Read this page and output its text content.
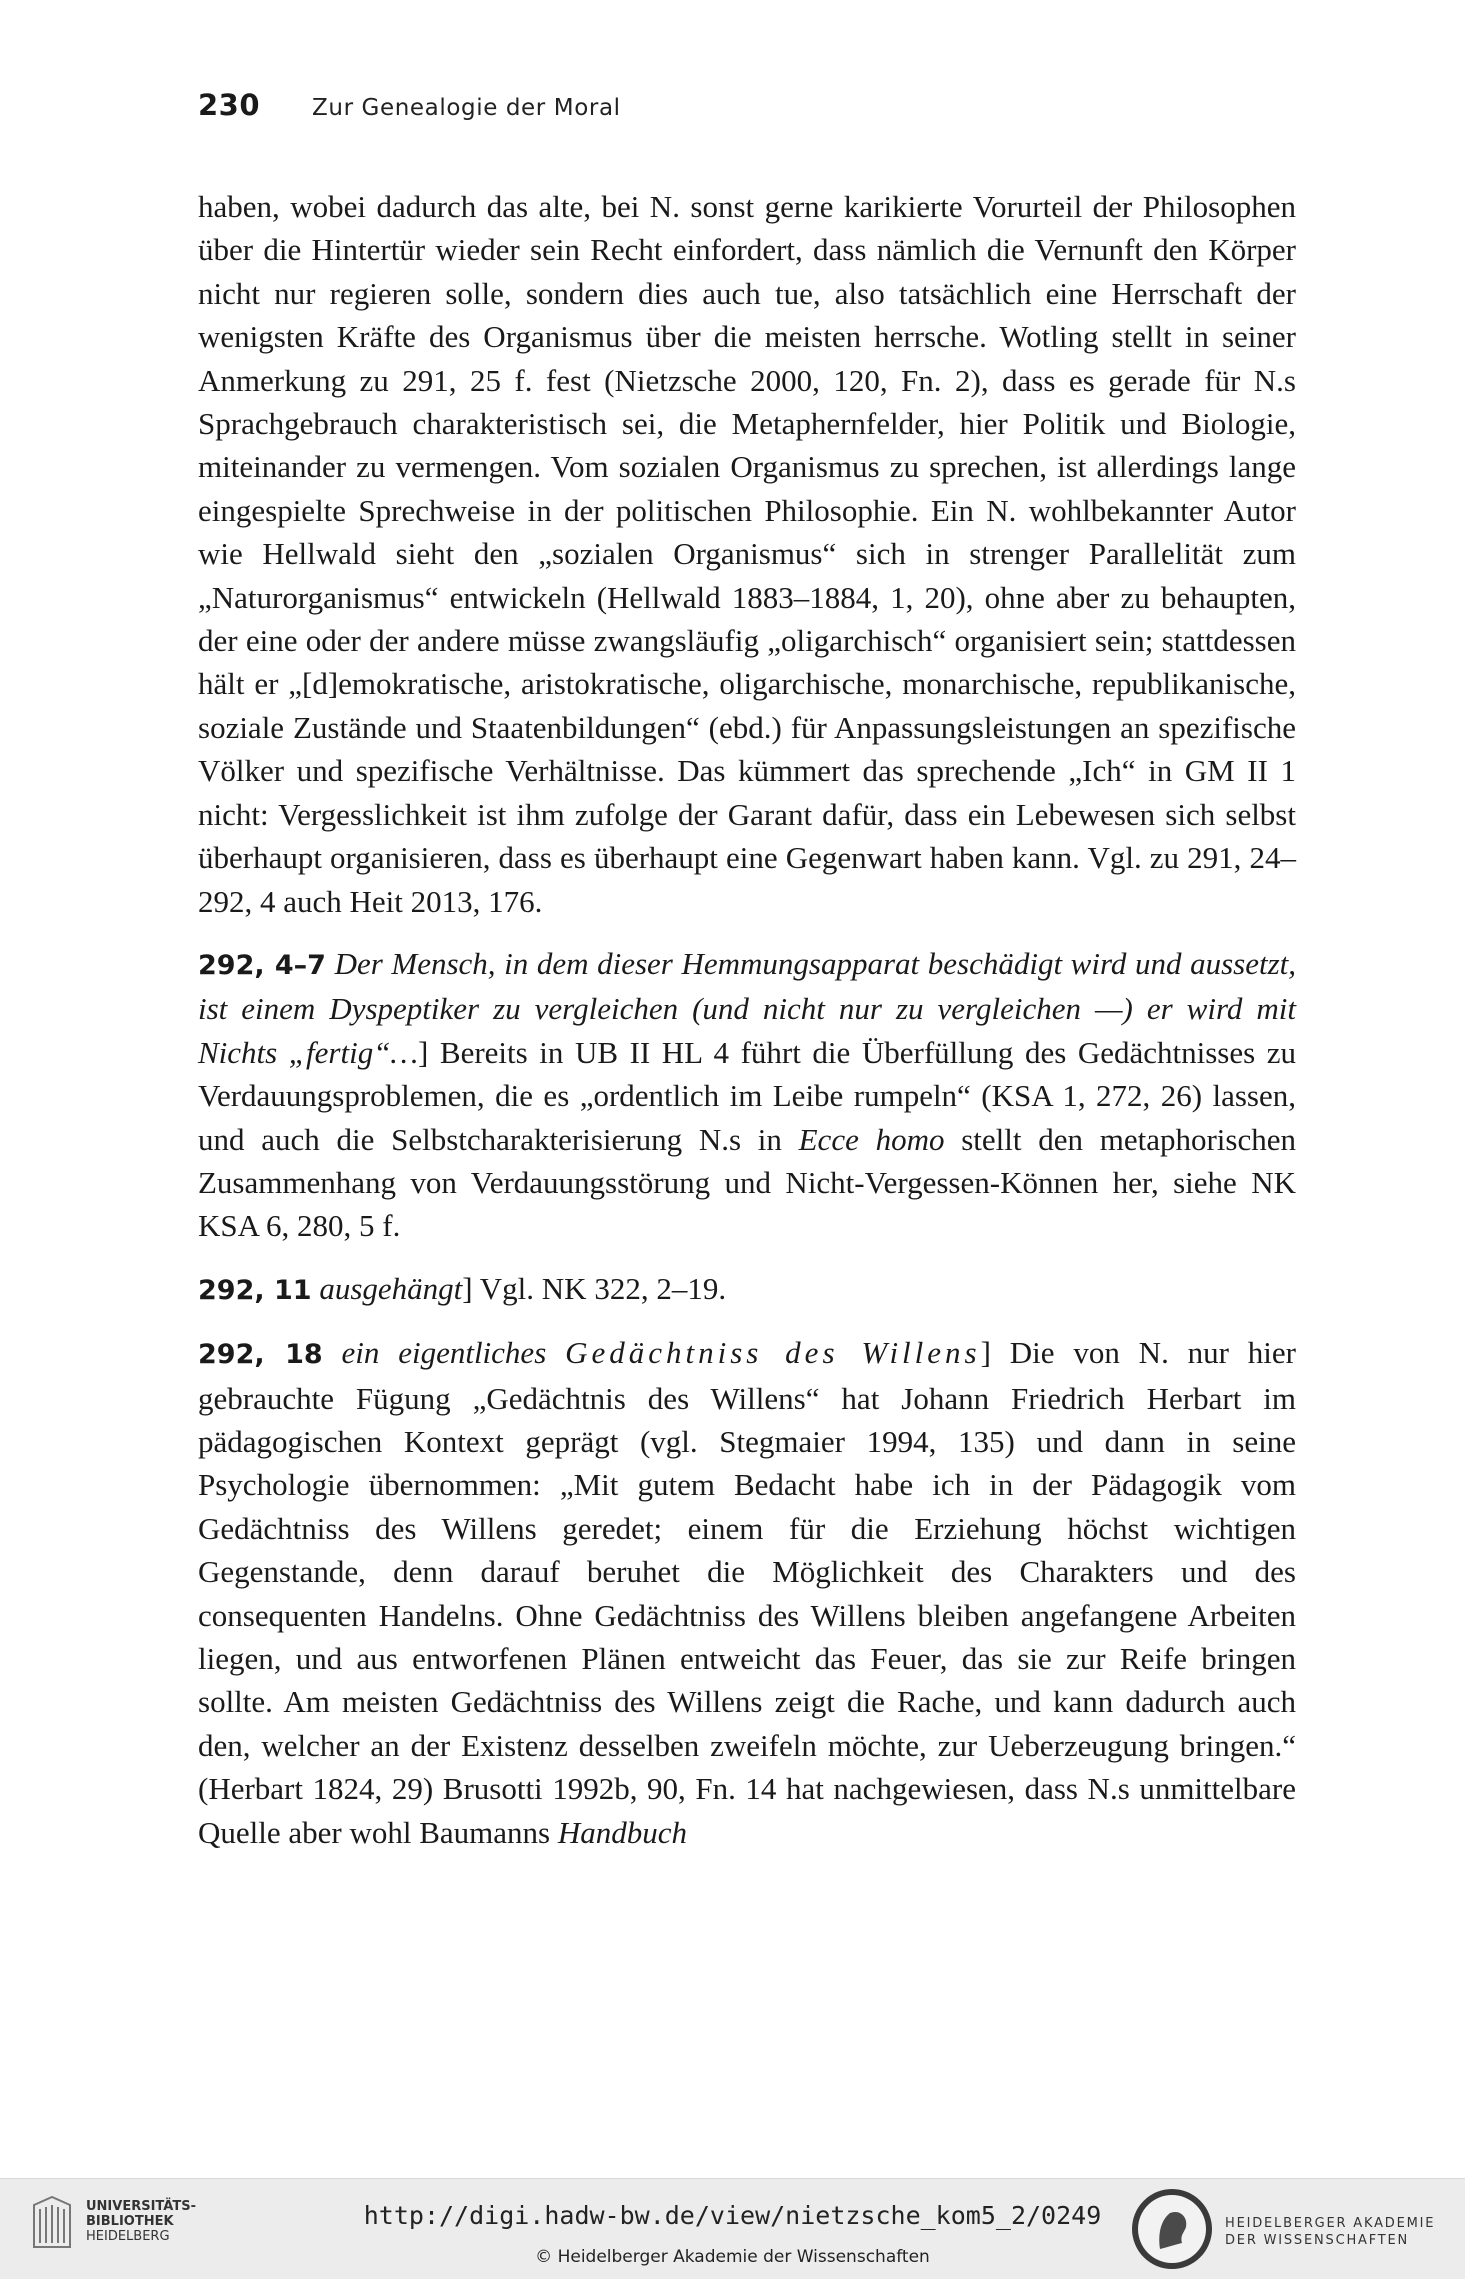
230 Zur Genealogie der Moral

haben, wobei dadurch das alte, bei N. sonst gerne karikierte Vorurteil der Philosophen über die Hintertür wieder sein Recht einfordert, dass nämlich die Vernunft den Körper nicht nur regieren solle, sondern dies auch tue, also tatsächlich eine Herrschaft der wenigsten Kräfte des Organismus über die meisten herrsche. Wotling stellt in seiner Anmerkung zu 291, 25 f. fest (Nietzsche 2000, 120, Fn. 2), dass es gerade für N.s Sprachgebrauch charakteristisch sei, die Metaphernfelder, hier Politik und Biologie, miteinander zu vermengen. Vom sozialen Organismus zu sprechen, ist allerdings lange eingespielte Sprechweise in der politischen Philosophie. Ein N. wohlbekannter Autor wie Hellwald sieht den „sozialen Organismus“ sich in strenger Parallelität zum „Naturorganismus“ entwickeln (Hellwald 1883–1884, 1, 20), ohne aber zu behaupten, der eine oder der andere müsse zwangsläufig „oligarchisch“ organisiert sein; stattdessen hält er „[d]emokratische, aristokratische, oligarchische, monarchische, republikanische, soziale Zustände und Staatenbildungen“ (ebd.) für Anpassungsleistungen an spezifische Völker und spezifische Verhältnisse. Das kümmert das sprechende „Ich“ in GM II 1 nicht: Vergesslichkeit ist ihm zufolge der Garant dafür, dass ein Lebewesen sich selbst überhaupt organisieren, dass es überhaupt eine Gegenwart haben kann. Vgl. zu 291, 24–292, 4 auch Heit 2013, 176.

292, 4–7 Der Mensch, in dem dieser Hemmungsapparat beschädigt wird und aussetzt, ist einem Dyspeptiker zu vergleichen (und nicht nur zu vergleichen —) er wird mit Nichts „fertig“…] Bereits in UB II HL 4 führt die Überfüllung des Gedächtnisses zu Verdauungsproblemen, die es „ordentlich im Leibe rumpeln“ (KSA 1, 272, 26) lassen, und auch die Selbstcharakterisierung N.s in Ecce homo stellt den metaphorischen Zusammenhang von Verdauungsstörung und Nicht-Vergessen-Können her, siehe NK KSA 6, 280, 5 f.

292, 11 ausgehängt] Vgl. NK 322, 2–19.

292, 18 ein eigentliches Gedächtniss des Willens] Die von N. nur hier gebrauchte Fügung „Gedächtnis des Willens“ hat Johann Friedrich Herbart im pädagogischen Kontext geprägt (vgl. Stegmaier 1994, 135) und dann in seine Psychologie übernommen: „Mit gutem Bedacht habe ich in der Pädagogik vom Gedächtniss des Willens geredet; einem für die Erziehung höchst wichtigen Gegenstande, denn darauf beruhet die Möglichkeit des Charakters und des consequenten Handelns. Ohne Gedächtniss des Willens bleiben angefangene Arbeiten liegen, und aus entworfenen Plänen entweicht das Feuer, das sie zur Reife bringen sollte. Am meisten Gedächtniss des Willens zeigt die Rache, und kann dadurch auch den, welcher an der Existenz desselben zweifeln möchte, zur Ueberzeugung bringen.“ (Herbart 1824, 29) Brusotti 1992b, 90, Fn. 14 hat nachgewiesen, dass N.s unmittelbare Quelle aber wohl Baumanns Handbuch

UNIVERSITÄTS-
BIBLIOTHEK
HEIDELBERG
http://digi.hadw-bw.de/view/nietzsche_kom5_2/0249
© Heidelberger Akademie der Wissenschaften
HEIDELBERGER AKADEMIE
DER WISSENSCHAFTEN
